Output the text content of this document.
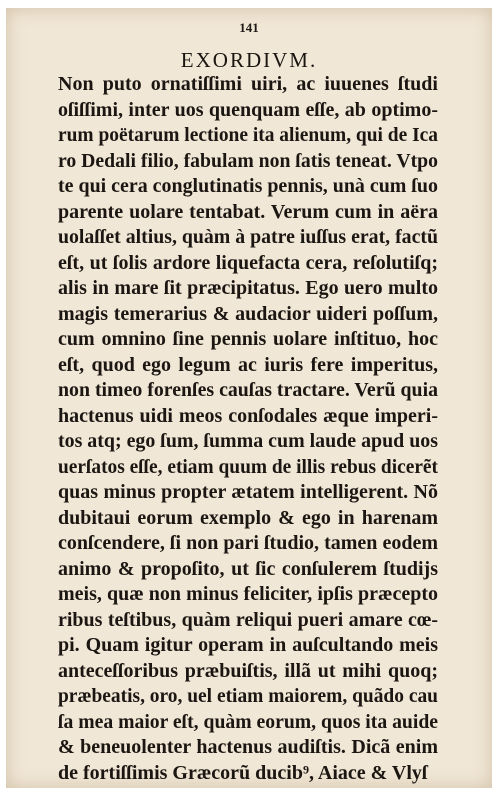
141
EXORDIVM.
Non puto ornatiſſimi uiri, ac iuuenes ſtudi
oſiſſimi, inter uos quenquam eſſe, ab optimo-
rum poëtarum lectione ita alienum, qui de Ica
ro Dedali filio, fabulam non ſatis teneat. Vtpo
te qui cera conglutinatis pennis, unà cum ſuo
parente uolare tentabat. Verum cum in aëra
uolaſſet altius, quàm à patre iuſſus erat, factũ
eſt, ut ſolis ardore liquefacta cera, reſolutiſq;
alis in mare ſit præcipitatus. Ego uero multo
magis temerarius & audacior uideri poſſum,
cum omnino ſine pennis uolare inſtituo, hoc
eſt, quod ego legum ac iuris fere imperitus,
non timeo forenſes cauſas tractare. Verũ quia
hactenus uidi meos conſodales æque imperi-
tos atq; ego ſum, ſumma cum laude apud uos
uerſatos eſſe, etiam quum de illis rebus dicerẽt
quas minus propter ætatem intelligerent. Nõ
dubitaui eorum exemplo & ego in harenam
conſcendere, ſi non pari ſtudio, tamen eodem
animo & propoſito, ut ſic conſulerem ſtudijs
meis, quæ non minus feliciter, ipſis præcepto
ribus teſtibus, quàm reliqui pueri amare cœ-
pi. Quam igitur operam in auſcultando meis
anteceſſoribus præbuiſtis, illã ut mihi quoq;
præbeatis, oro, uel etiam maiorem, quãdo cau
ſa mea maior eſt, quàm eorum, quos ita auide
& beneuolenter hactenus audiſtis. Dicã enim
de fortiſſimis Græcorũ ducib⁹, Aiace & Vlyſ
